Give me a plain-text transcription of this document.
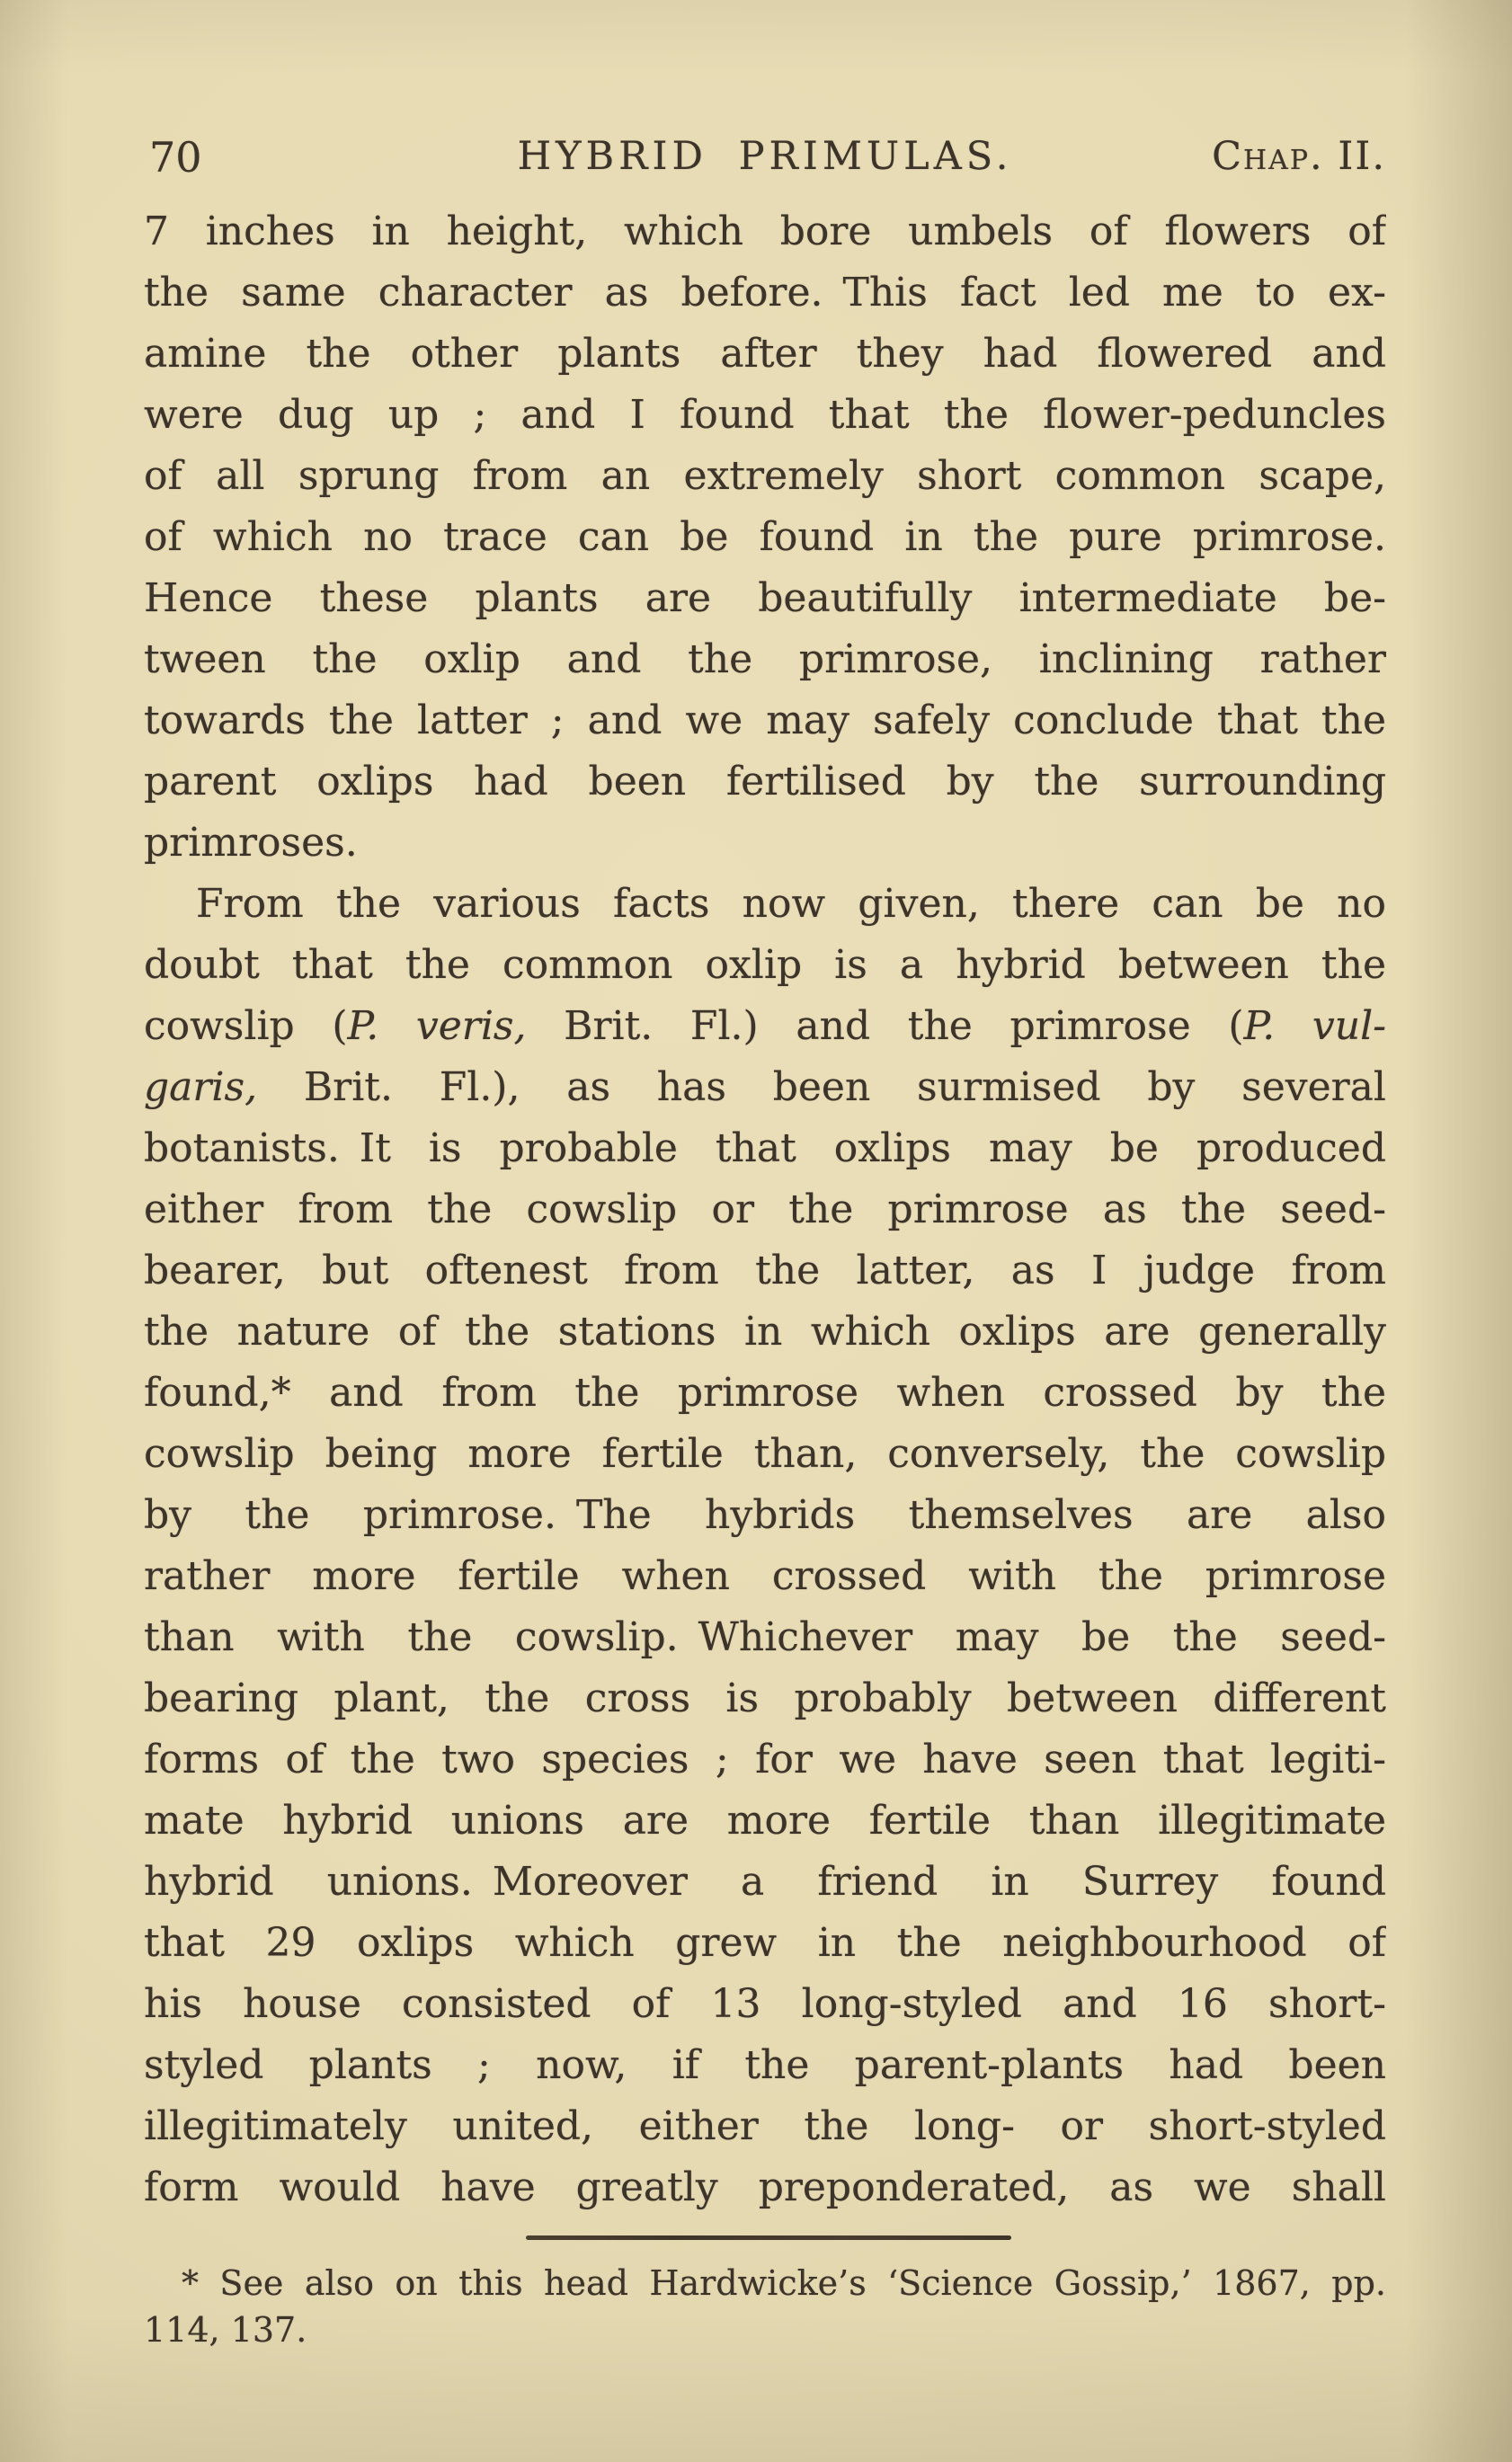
70	HYBRID PRIMULAS.	Chap. II.
7 inches in height, which bore umbels of flowers of
the same character as before. This fact led me to ex-
amine the other plants after they had flowered and
were dug up ; and I found that the flower-peduncles
of all sprung from an extremely short common scape,
of which no trace can be found in the pure primrose.
Hence these plants are beautifully intermediate be-
tween the oxlip and the primrose, inclining rather
towards the latter ; and we may safely conclude that the
parent oxlips had been fertilised by the surrounding
primroses.
From the various facts now given, there can be no
doubt that the common oxlip is a hybrid between the
cowslip (P. veris, Brit. Fl.) and the primrose (P. vul-
garis, Brit. Fl.), as has been surmised by several
botanists. It is probable that oxlips may be produced
either from the cowslip or the primrose as the seed-
bearer, but oftenest from the latter, as I judge from
the nature of the stations in which oxlips are generally
found,* and from the primrose when crossed by the
cowslip being more fertile than, conversely, the cowslip
by the primrose. The hybrids themselves are also
rather more fertile when crossed with the primrose
than with the cowslip. Whichever may be the seed-
bearing plant, the cross is probably between different
forms of the two species ; for we have seen that legiti-
mate hybrid unions are more fertile than illegitimate
hybrid unions. Moreover a friend in Surrey found
that 29 oxlips which grew in the neighbourhood of
his house consisted of 13 long-styled and 16 short-
styled plants ; now, if the parent-plants had been
illegitimately united, either the long- or short-styled
form would have greatly preponderated, as we shall
* See also on this head Hardwicke’s ‘Science Gossip,’ 1867, pp.
114, 137.
